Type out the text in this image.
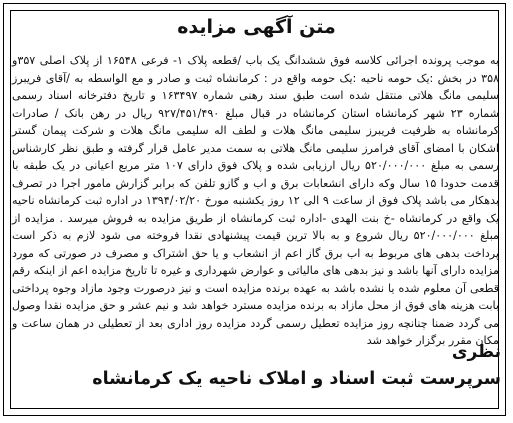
متن آگهی مزایده

به موجب پرونده اجرائی کلاسه فوق ششدانگ یک باب /قطعه پلاک ۱- فرعی ۱۶۵۴۸ از پلاک اصلی ۳۵۷و ۳۵۸ در بخش :یک حومه ناحیه :یک حومه واقع در : کرمانشاه ثبت و صادر و مع الواسطه به /آقای فریبرز سلیمی مانگ هلاتی منتقل شده است طبق سند رهنی شماره ۱۶۳۴۹۷ و تاریخ دفترخانه اسناد رسمی شماره ۲۳ شهر کرمانشاه استان کرمانشاه در قبال مبلغ ۹۲۷/۴۵۱/۴۹۰ ریال در رهن بانک / صادرات کرمانشاه به ظرفیت فریبرز سلیمی مانگ هلات و لطف اله سلیمی مانگ هلات و شرکت پیمان گستر اشکان با امضای آقای فرامرز سلیمی مانگ هلاتی به سمت مدیر عامل قرار گرفته و طبق نظر کارشناس رسمی به مبلغ ۵۲۰/۰۰۰/۰۰۰ ریال ارزیابی شده و پلاک فوق دارای ۱۰۷ متر مربع اعیانی در یک طبقه با قدمت حدودا ۱۵ سال وکه دارای انشعابات برق و اب و گازو تلفن که برابر گزارش مامور اجرا در تصرف بدهکار می باشد پلاک فوق از ساعت ۹ الی ۱۲ روز یکشنبه مورخ ۱۳۹۴/۰۲/۲۰ در اداره ثبت کرمانشاه ناحیه یک واقع در کرمانشاه -خ بنت الهدی -اداره ثبت کرمانشاه از طریق مزایده به فروش میرسد . مزایده از مبلغ ۵۲۰/۰۰۰/۰۰۰ ریال شروع و به بالا ترین قیمت پیشنهادی نقدا فروخته می شود لازم به ذکر است پرداخت بدهی های مربوط به اب برق گاز اعم از انشعاب و یا حق اشتراک و مصرف در صورتی که مورد مزایده دارای آنها باشد و نیز بدهی های مالیاتی و عوارض شهرداری و غیره تا تاریخ مزایده اعم از اینکه رقم قطعی آن معلوم شده یا نشده باشد به عهده برنده مزایده است و نیز درصورت وجود مازاد وجوه پرداختی بابت هزینه های فوق از محل مازاد به برنده مزایده مسترد خواهد شد و نیم عشر و حق مزایده نقدا وصول می گردد ضمنا چنانچه روز مزایده تعطیل رسمی گردد مزایده روز اداری بعد از تعطیلی در همان ساعت و مکان مقرر برگزار خواهد شد

نظری
سرپرست ثبت اسناد و املاک ناحیه یک کرمانشاه
